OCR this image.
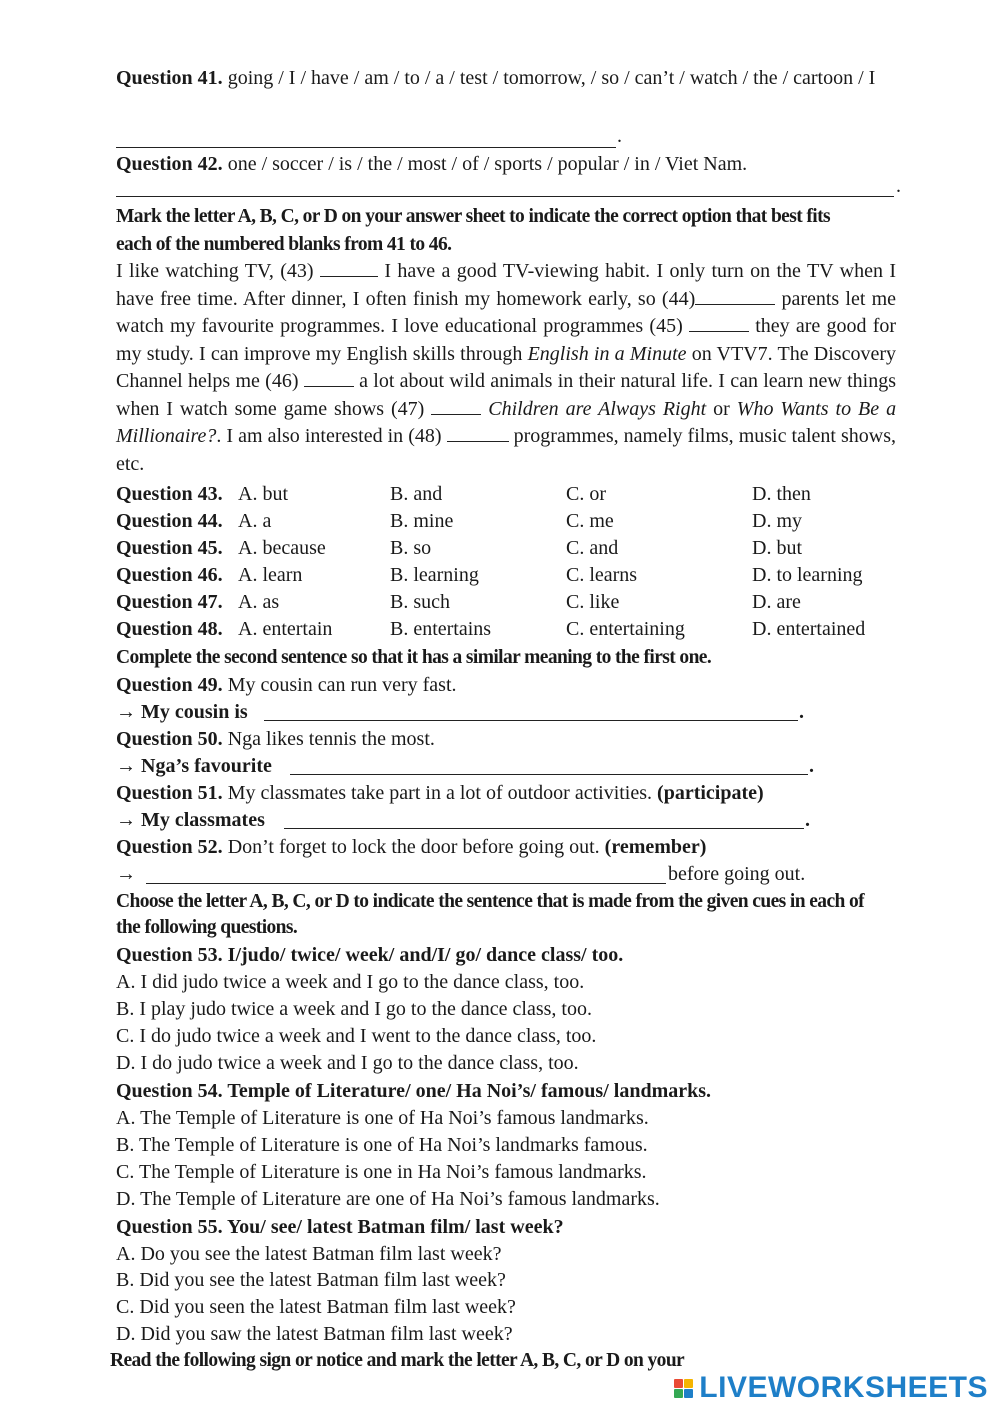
Question 41. going / I / have / am / to / a / test / tomorrow, / so / can’t / watch / the / cartoon / I
.
Question 42. one / soccer / is / the / most / of / sports / popular / in / Viet Nam.
.
Mark the letter A, B, C, or D on your answer sheet to indicate the correct option that best fits
each of the numbered blanks from 41 to 46.
I like watching TV, (43)	I have a good TV-viewing habit. I only turn on the TV when I have free time. After dinner, I often finish my homework early, so (44)	parents let me watch my favourite programmes. I love educational programmes (45)	they are good for my study. I can improve my English skills through English in a Minute on VTV7. The Discovery Channel helps me (46)	a lot about wild animals in their natural life. I can learn new things when I watch some game shows (47)	Children are Always Right or Who Wants to Be a Millionaire?. I am also interested in (48)	programmes, namely films, music talent shows, etc.
Question 43. A. but	B. and	C. or	D. then
Question 44. A. a	B. mine	C. me	D. my
Question 45. A. because	B. so	C. and	D. but
Question 46. A. learn	B. learning	C. learns	D. to learning
Question 47. A. as	B. such	C. like	D. are
Question 48. A. entertain	B. entertains	C. entertaining	D. entertained
Complete the second sentence so that it has a similar meaning to the first one.
Question 49. My cousin can run very fast.
→ My cousin is	.
Question 50. Nga likes tennis the most.
→ Nga’s favourite	.
Question 51. My classmates take part in a lot of outdoor activities. (participate)
→ My classmates	.
Question 52. Don’t forget to lock the door before going out. (remember)
→	before going out.
Choose the letter A, B, C, or D to indicate the sentence that is made from the given cues in each of
the following questions.
Question 53. I/judo/ twice/ week/ and/I/ go/ dance class/ too.
A. I did judo twice a week and I go to the dance class, too.
B. I play judo twice a week and I go to the dance class, too.
C. I do judo twice a week and I went to the dance class, too.
D. I do judo twice a week and I go to the dance class, too.
Question 54. Temple of Literature/ one/ Ha Noi’s/ famous/ landmarks.
A. The Temple of Literature is one of Ha Noi’s famous landmarks.
B. The Temple of Literature is one of Ha Noi’s landmarks famous.
C. The Temple of Literature is one in Ha Noi’s famous landmarks.
D. The Temple of Literature are one of Ha Noi’s famous landmarks.
Question 55. You/ see/ latest Batman film/ last week?
A. Do you see the latest Batman film last week?
B. Did you see the latest Batman film last week?
C. Did you seen the latest Batman film last week?
D. Did you saw the latest Batman film last week?
Read the following sign or notice and mark the letter A, B, C, or D on your
LIVEWORKSHEETS
